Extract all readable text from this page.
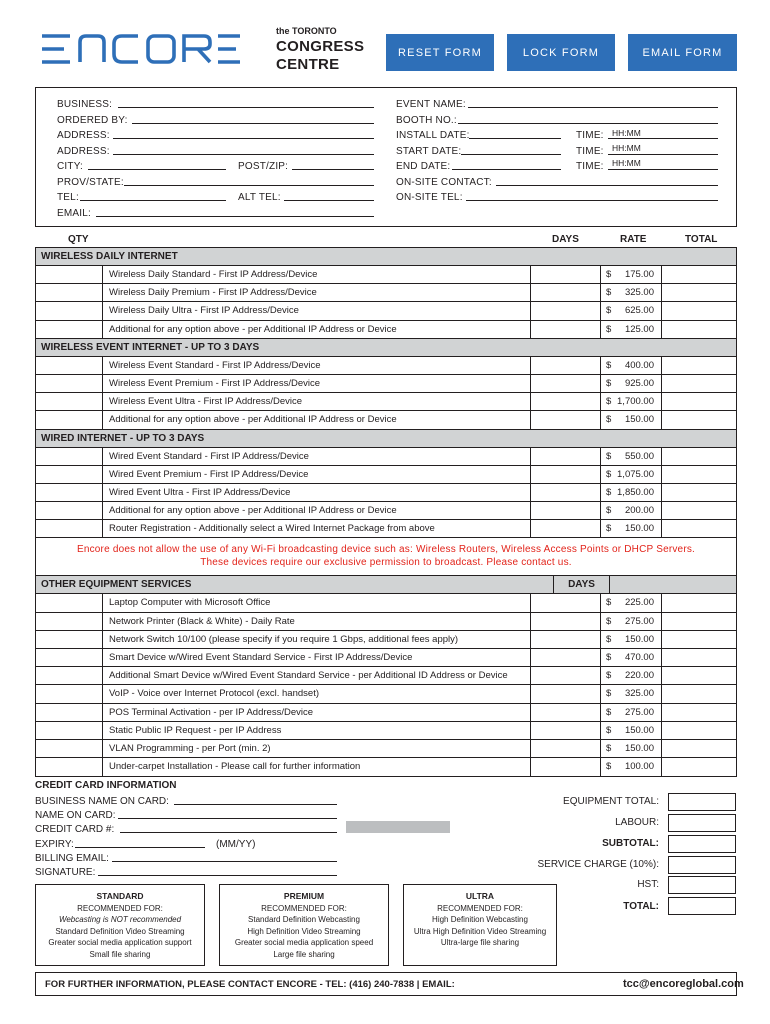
the TORONTO
CONGRESS
CENTRE
RESET FORM	LOCK FORM	EMAIL FORM
BUSINESS:
ORDERED BY:
ADDRESS:
ADDRESS:
CITY:	POST/ZIP:
PROV/STATE:
TEL:	ALT TEL:
EMAIL:
EVENT NAME:
BOOTH NO.:
INSTALL DATE:	TIME: HH:MM
START DATE:	TIME: HH:MM
END DATE:	TIME: HH:MM
ON-SITE CONTACT:
ON-SITE TEL:
QTY	DAYS	RATE	TOTAL
WIRELESS DAILY INTERNET
Wireless Daily Standard - First IP Address/Device	$ 175.00
Wireless Daily Premium - First IP Address/Device	$ 325.00
Wireless Daily Ultra - First IP Address/Device	$ 625.00
Additional for any option above - per Additional IP Address or Device	$ 125.00
WIRELESS EVENT INTERNET - UP TO 3 DAYS
Wireless Event Standard - First IP Address/Device	$ 400.00
Wireless Event Premium - First IP Address/Device	$ 925.00
Wireless Event Ultra - First IP Address/Device	$ 1,700.00
Additional for any option above - per Additional IP Address or Device	$ 150.00
WIRED INTERNET - UP TO 3 DAYS
Wired Event Standard - First IP Address/Device	$ 550.00
Wired Event Premium - First IP Address/Device	$ 1,075.00
Wired Event Ultra - First IP Address/Device	$ 1,850.00
Additional for any option above - per Additional IP Address or Device	$ 200.00
Router Registration - Additionally select a Wired Internet Package from above	$ 150.00
Encore does not allow the use of any Wi-Fi broadcasting device such as: Wireless Routers, Wireless Access Points or DHCP Servers.
These devices require our exclusive permission to broadcast. Please contact us.
OTHER EQUIPMENT SERVICES	DAYS
Laptop Computer with Microsoft Office	$ 225.00
Network Printer (Black & White) - Daily Rate	$ 275.00
Network Switch 10/100 (please specify if you require 1 Gbps, additional fees apply)	$ 150.00
Smart Device w/Wired Event Standard Service - First IP Address/Device	$ 470.00
Additional Smart Device w/Wired Event Standard Service - per Additional ID Address or Device	$ 220.00
VoIP - Voice over Internet Protocol (excl. handset)	$ 325.00
POS Terminal Activation - per IP Address/Device	$ 275.00
Static Public IP Request - per IP Address	$ 150.00
VLAN Programming - per Port (min. 2)	$ 150.00
Under-carpet Installation - Please call for further information	$ 100.00
CREDIT CARD INFORMATION
BUSINESS NAME ON CARD:
NAME ON CARD:
CREDIT CARD #:
EXPIRY:	(MM/YY)
BILLING EMAIL:
SIGNATURE:
EQUIPMENT TOTAL:
LABOUR:
SUBTOTAL:
SERVICE CHARGE (10%):
HST:
TOTAL:
STANDARD
RECOMMENDED FOR:
Webcasting is NOT recommended
Standard Definition Video Streaming
Greater social media application support
Small file sharing
PREMIUM
RECOMMENDED FOR:
Standard Definition Webcasting
High Definition Video Streaming
Greater social media application speed
Large file sharing
ULTRA
RECOMMENDED FOR:
High Definition Webcasting
Ultra High Definition Video Streaming
Ultra-large file sharing
FOR FURTHER INFORMATION, PLEASE CONTACT ENCORE - TEL: (416) 240-7838 | EMAIL:	tcc@encoreglobal.com
